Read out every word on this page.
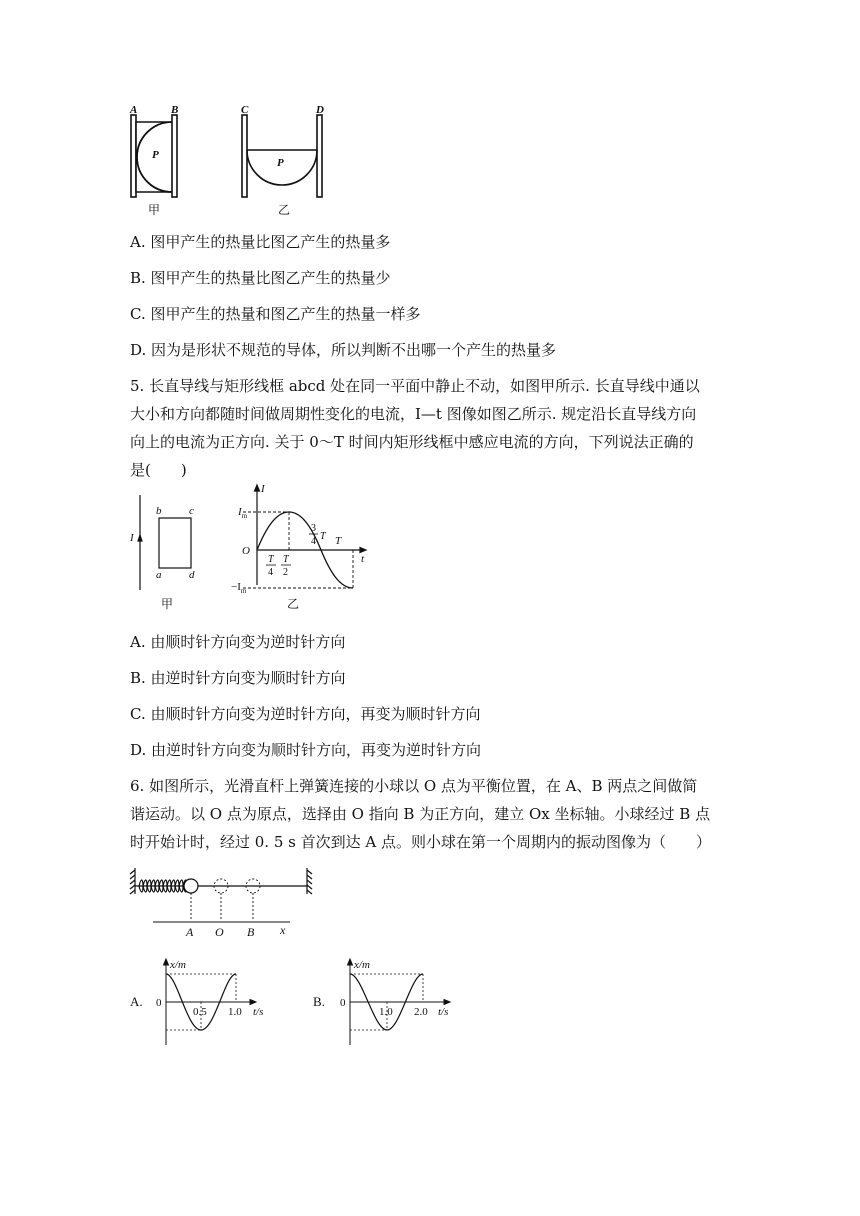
A	B	C	D
P
P
甲	乙
A. 图甲产生的热量比图乙产生的热量多
B. 图甲产生的热量比图乙产生的热量少
C. 图甲产生的热量和图乙产生的热量一样多
D. 因为是形状不规范的导体，所以判断不出哪一个产生的热量多
5. 长直导线与矩形线框 abcd 处在同一平面中静止不动，如图甲所示. 长直导线中通以
大小和方向都随时间做周期性变化的电流，I—t 图像如图乙所示. 规定沿长直导线方向
向上的电流为正方向. 关于 0～T 时间内矩形线框中感应电流的方向，下列说法正确的
是(　　)
I
b	c
a	d
甲
I
t
O
$I_m$
$-I_m$
T
4
T
2
3
4 T T
乙
A. 由顺时针方向变为逆时针方向
B. 由逆时针方向变为顺时针方向
C. 由顺时针方向变为逆时针方向，再变为顺时针方向
D. 由逆时针方向变为顺时针方向，再变为逆时针方向
6. 如图所示，光滑直杆上弹簧连接的小球以 O 点为平衡位置，在 A、B 两点之间做简
谐运动。以 O 点为原点，选择由 O 指向 B 为正方向，建立 Ox 坐标轴。小球经过 B 点
时开始计时，经过 0. 5 s 首次到达 A 点。则小球在第一个周期内的振动图像为（　　）
A O B x
A.
x/m
0
0.5 1.0 t/s
B.
x/m
0
1.0 2.0 t/s
